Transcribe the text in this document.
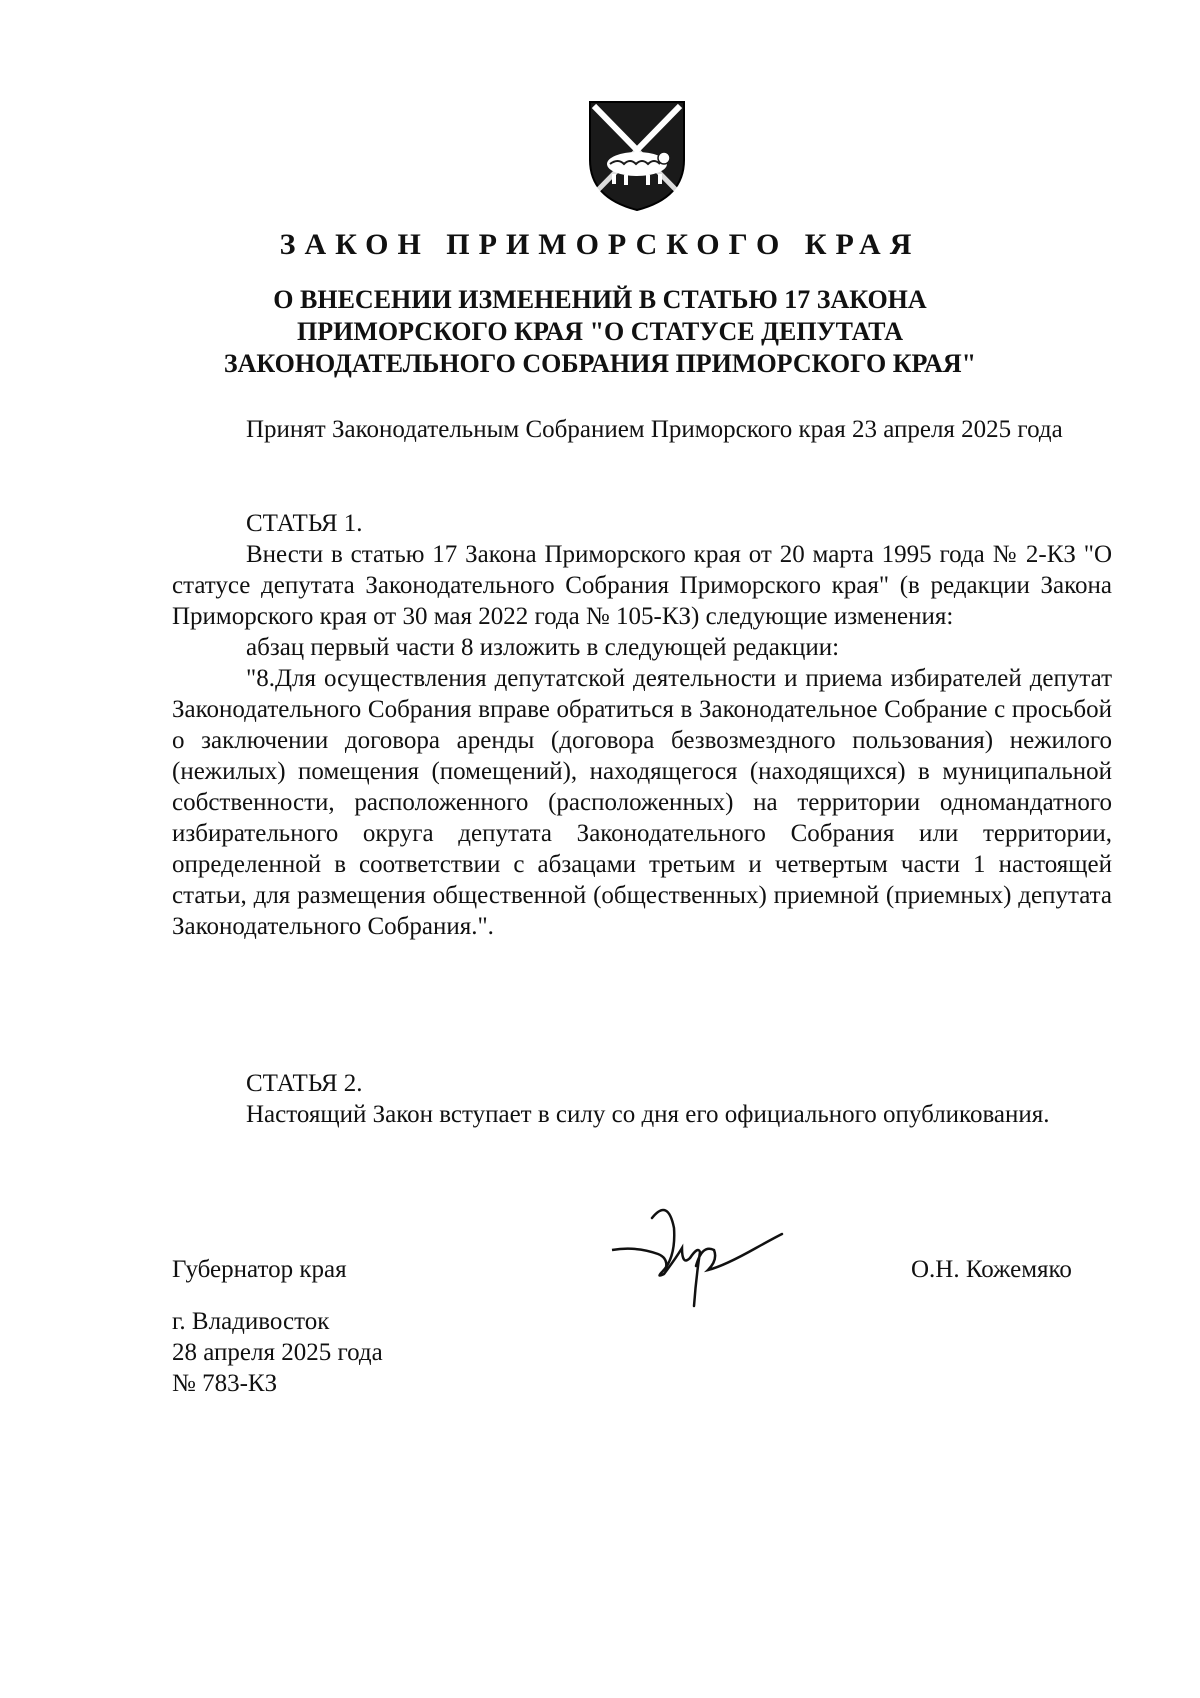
ЗАКОН ПРИМОРСКОГО КРАЯ
О ВНЕСЕНИИ ИЗМЕНЕНИЙ В СТАТЬЮ 17 ЗАКОНА
ПРИМОРСКОГО КРАЯ "О СТАТУСЕ ДЕПУТАТА
ЗАКОНОДАТЕЛЬНОГО СОБРАНИЯ ПРИМОРСКОГО КРАЯ"

Принят Законодательным Собранием Приморского края 23 апреля 2025 года

СТАТЬЯ 1.

Внести в статью 17 Закона Приморского края от 20 марта 1995 года № 2-КЗ "О статусе депутата Законодательного Собрания Приморского края" (в редакции Закона Приморского края от 30 мая 2022 года № 105-КЗ) следующие изменения:

абзац первый части 8 изложить в следующей редакции:

"8.Для осуществления депутатской деятельности и приема избирателей депутат Законодательного Собрания вправе обратиться в Законодательное Собрание с просьбой о заключении договора аренды (договора безвозмездного пользования) нежилого (нежилых) помещения (помещений), находящегося (находящихся) в муниципальной собственности, расположенного (расположенных) на территории одномандатного избирательного округа депутата Законодательного Собрания или территории, определенной в соответствии с абзацами третьим и четвертым части 1 настоящей статьи, для размещения общественной (общественных) приемной (приемных) депутата Законодательного Собрания.".

СТАТЬЯ 2.

Настоящий Закон вступает в силу со дня его официального опубликования.

Губернатор края	О.Н. Кожемяко
г. Владивосток
28 апреля 2025 года
№ 783-КЗ
